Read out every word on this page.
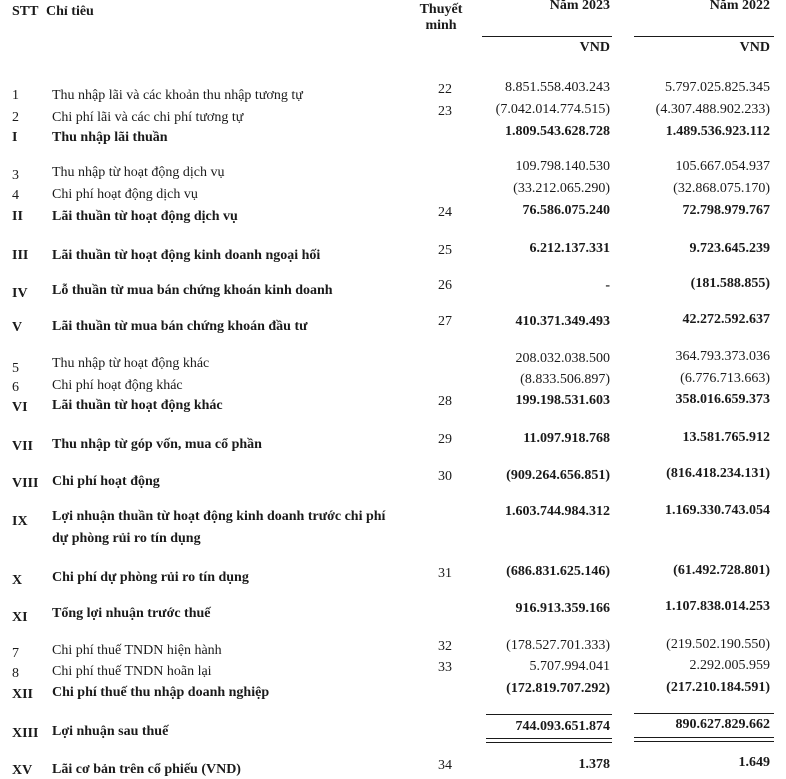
STT Chỉ tiêu	Thuyết
minh
Năm 2023	Năm 2022
VND	VND
1 Thu nhập lãi và các khoản thu nhập tương tự	22	8.851.558.403.243	5.797.025.825.345
2 Chi phí lãi và các chi phí tương tự	23	(7.042.014.774.515)	(4.307.488.902.233)
I Thu nhập lãi thuần	1.809.543.628.728	1.489.536.923.112
3 Thu nhập từ hoạt động dịch vụ	109.798.140.530	105.667.054.937
4 Chi phí hoạt động dịch vụ	(33.212.065.290)	(32.868.075.170)
II Lãi thuần từ hoạt động dịch vụ	24	76.586.075.240	72.798.979.767
III Lãi thuần từ hoạt động kinh doanh ngoại hối	25	6.212.137.331	9.723.645.239
IV Lỗ thuần từ mua bán chứng khoán kinh doanh	26	-	(181.588.855)
V Lãi thuần từ mua bán chứng khoán đầu tư	27	410.371.349.493	42.272.592.637
5 Thu nhập từ hoạt động khác	208.032.038.500	364.793.373.036
6 Chi phí hoạt động khác	(8.833.506.897)	(6.776.713.663)
VI Lãi thuần từ hoạt động khác	28	199.198.531.603	358.016.659.373
VII Thu nhập từ góp vốn, mua cổ phần	29	11.097.918.768	13.581.765.912
VIII Chi phí hoạt động	30	(909.264.656.851)	(816.418.234.131)
IX Lợi nhuận thuần từ hoạt động kinh doanh trước chi phí
dự phòng rủi ro tín dụng
1.603.744.984.312	1.169.330.743.054
X Chi phí dự phòng rủi ro tín dụng	31	(686.831.625.146)	(61.492.728.801)
XI Tổng lợi nhuận trước thuế	916.913.359.166	1.107.838.014.253
7 Chi phí thuế TNDN hiện hành	32	(178.527.701.333)	(219.502.190.550)
8 Chi phí thuế TNDN hoãn lại	33	5.707.994.041	2.292.005.959
XII Chi phí thuế thu nhập doanh nghiệp	(172.819.707.292)	(217.210.184.591)
XIII Lợi nhuận sau thuế	744.093.651.874	890.627.829.662
XV Lãi cơ bản trên cổ phiếu (VND)	34	1.378	1.649
